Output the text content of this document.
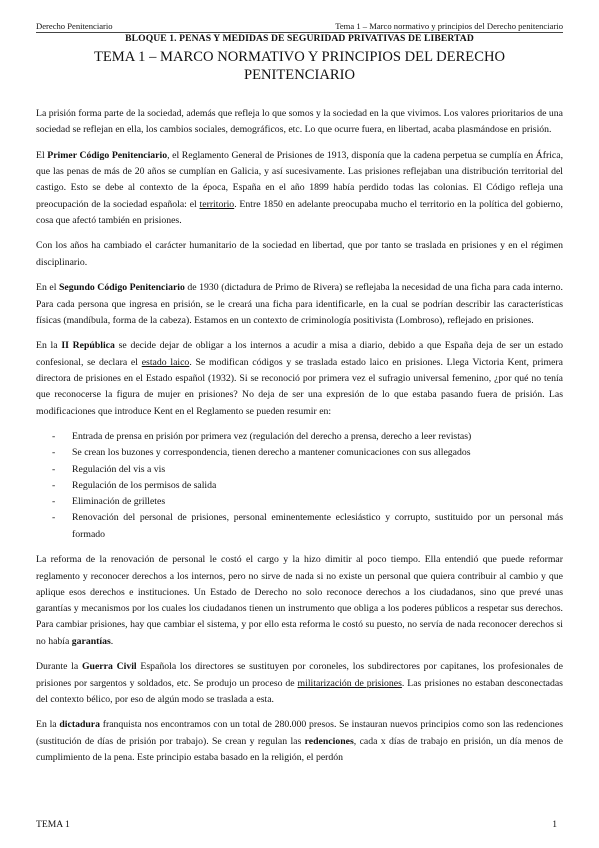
Derecho Penitenciario	Tema 1 – Marco normativo y principios del Derecho penitenciario
BLOQUE 1. PENAS Y MEDIDAS DE SEGURIDAD PRIVATIVAS DE LIBERTAD
TEMA 1 – MARCO NORMATIVO Y PRINCIPIOS DEL DERECHO PENITENCIARIO

La prisión forma parte de la sociedad, además que refleja lo que somos y la sociedad en la que vivimos. Los valores prioritarios de una sociedad se reflejan en ella, los cambios sociales, demográficos, etc. Lo que ocurre fuera, en libertad, acaba plasmándose en prisión.

El Primer Código Penitenciario, el Reglamento General de Prisiones de 1913, disponía que la cadena perpetua se cumplía en África, que las penas de más de 20 años se cumplían en Galicia, y así sucesivamente. Las prisiones reflejaban una distribución territorial del castigo. Esto se debe al contexto de la época, España en el año 1899 había perdido todas las colonias. El Código refleja una preocupación de la sociedad española: el territorio. Entre 1850 en adelante preocupaba mucho el territorio en la política del gobierno, cosa que afectó también en prisiones.

Con los años ha cambiado el carácter humanitario de la sociedad en libertad, que por tanto se traslada en prisiones y en el régimen disciplinario.

En el Segundo Código Penitenciario de 1930 (dictadura de Primo de Rivera) se reflejaba la necesidad de una ficha para cada interno. Para cada persona que ingresa en prisión, se le creará una ficha para identificarle, en la cual se podrían describir las características físicas (mandíbula, forma de la cabeza). Estamos en un contexto de criminología positivista (Lombroso), reflejado en prisiones.

En la II República se decide dejar de obligar a los internos a acudir a misa a diario, debido a que España deja de ser un estado confesional, se declara el estado laico. Se modifican códigos y se traslada estado laico en prisiones. Llega Victoria Kent, primera directora de prisiones en el Estado español (1932). Si se reconoció por primera vez el sufragio universal femenino, ¿por qué no tenía que reconocerse la figura de mujer en prisiones? No deja de ser una expresión de lo que estaba pasando fuera de prisión. Las modificaciones que introduce Kent en el Reglamento se pueden resumir en:

- Entrada de prensa en prisión por primera vez (regulación del derecho a prensa, derecho a leer revistas)
- Se crean los buzones y correspondencia, tienen derecho a mantener comunicaciones con sus allegados
- Regulación del vis a vis
- Regulación de los permisos de salida
- Eliminación de grilletes
- Renovación del personal de prisiones, personal eminentemente eclesiástico y corrupto, sustituido por un personal más formado

La reforma de la renovación de personal le costó el cargo y la hizo dimitir al poco tiempo. Ella entendió que puede reformar reglamento y reconocer derechos a los internos, pero no sirve de nada si no existe un personal que quiera contribuir al cambio y que aplique esos derechos e instituciones. Un Estado de Derecho no solo reconoce derechos a los ciudadanos, sino que prevé unas garantías y mecanismos por los cuales los ciudadanos tienen un instrumento que obliga a los poderes públicos a respetar sus derechos. Para cambiar prisiones, hay que cambiar el sistema, y por ello esta reforma le costó su puesto, no servía de nada reconocer derechos si no había garantías.

Durante la Guerra Civil Española los directores se sustituyen por coroneles, los subdirectores por capitanes, los profesionales de prisiones por sargentos y soldados, etc. Se produjo un proceso de militarización de prisiones. Las prisiones no estaban desconectadas del contexto bélico, por eso de algún modo se traslada a esta.

En la dictadura franquista nos encontramos con un total de 280.000 presos. Se instauran nuevos principios como son las redenciones (sustitución de días de prisión por trabajo). Se crean y regulan las redenciones, cada x días de trabajo en prisión, un día menos de cumplimiento de la pena. Este principio estaba basado en la religión, el perdón

TEMA 1	1
